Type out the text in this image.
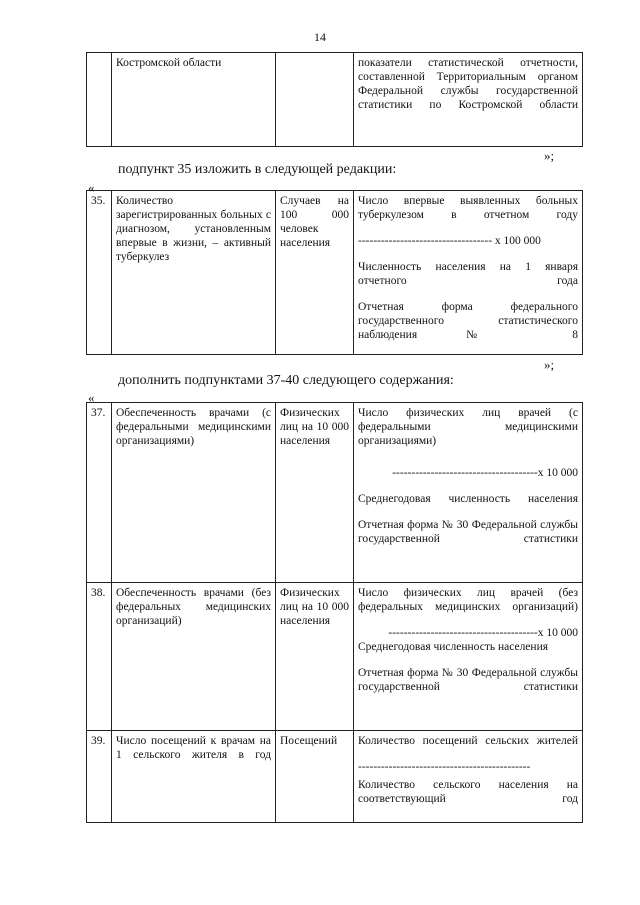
14
	Костромской области		показатели статистической отчетности, составленной Территориальным органом Федеральной службы государственной статистики по Костромской области
»;
подпункт 35 изложить в следующей редакции:
«
35.	Количество зарегистрированных больных с диагнозом, установленным впервые в жизни, – активный туберкулез	Случаев на 100 000 человек населения	
Число впервые выявленных больных туберкулезом в отчетном году
----------------------------------- х 100 000
Численность населения на 1 января отчетного года
Отчетная форма федерального государственного статистического наблюдения № 8
»;
дополнить подпунктами 37-40 следующего содержания:
«
37.	Обеспеченность врачами (с федеральными медицинскими организациями)	Физических лиц на 10 000 населения	Число физических лиц врачей (с федеральными медицинскими организациями)
--------------------------------------х 10 000
Среднегодовая численность населения
Отчетная форма № 30 Федеральной службы государственной статистики

38.	Обеспеченность врачами (без федеральных медицинских организаций)	Физических лиц на 10 000 населения	Число физических лиц врачей (без федеральных медицинских организаций)
---------------------------------------х 10 000
Среднегодовая численность населения
Отчетная форма № 30 Федеральной службы государственной статистики

39.	Число посещений к врачам на 1 сельского жителя в год	Посещений	Количество посещений сельских жителей
---------------------------------------------
Количество сельского населения на соответствующий год
